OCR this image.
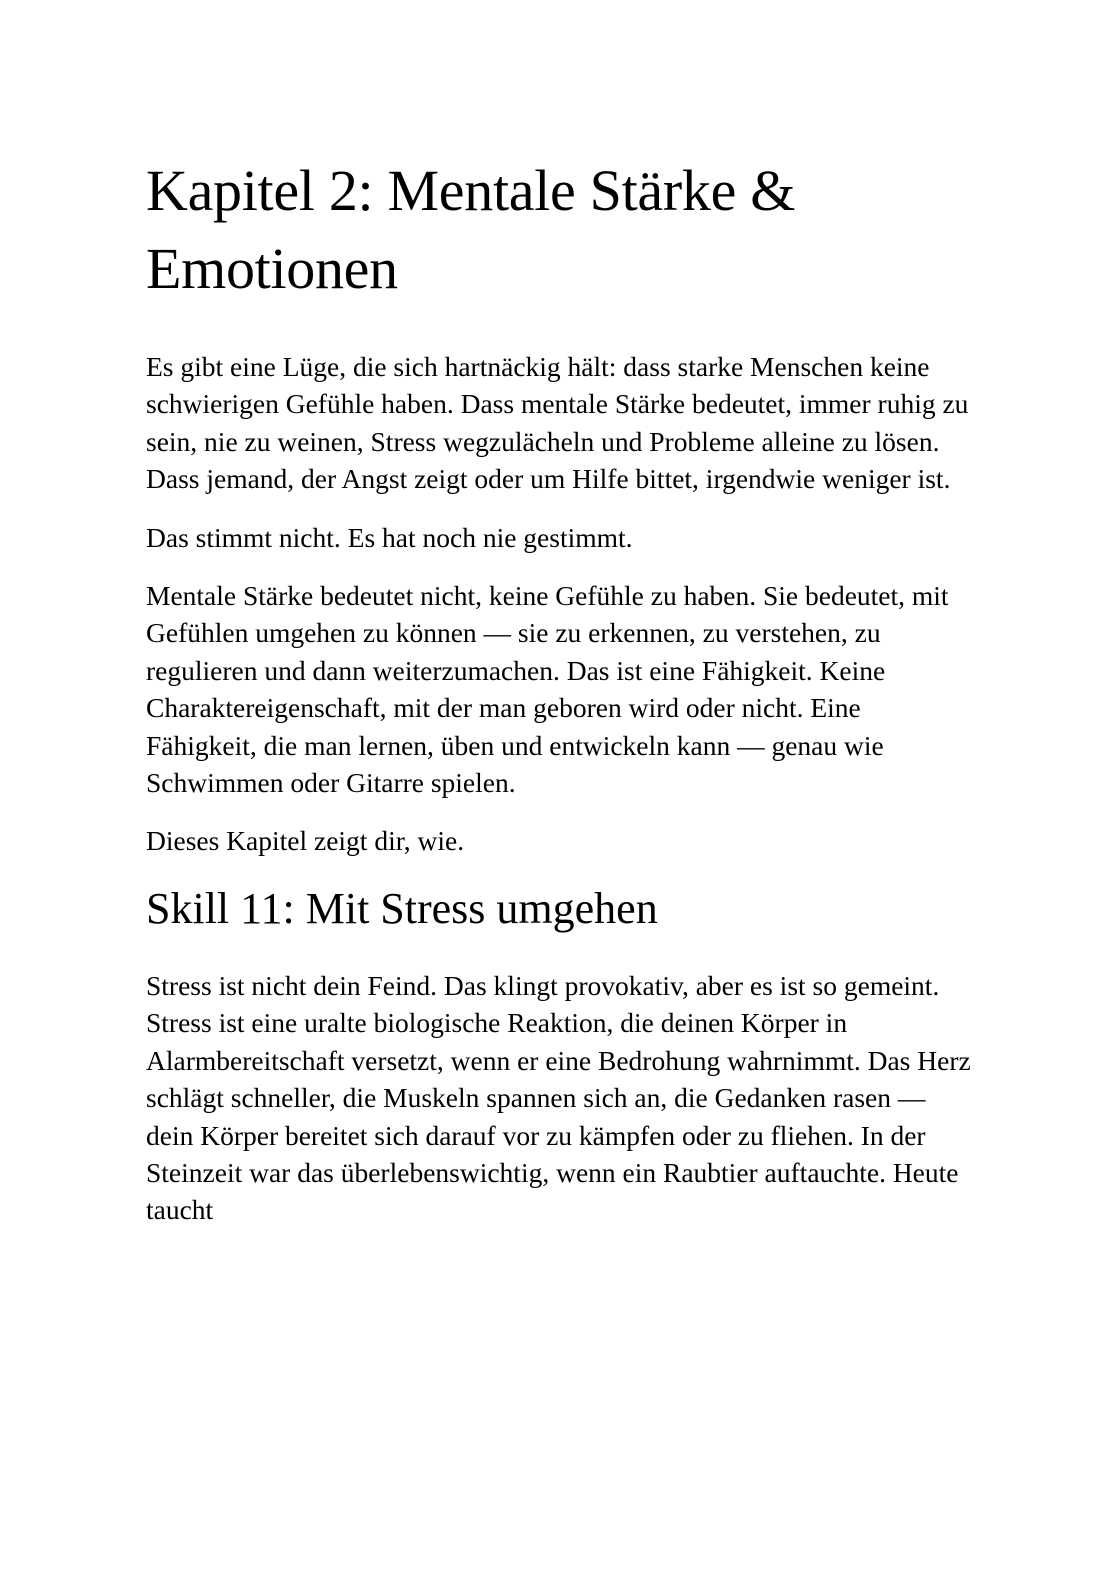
Kapitel 2: Mentale Stärke & Emotionen

Es gibt eine Lüge, die sich hartnäckig hält: dass starke Menschen keine schwierigen Gefühle haben. Dass mentale Stärke bedeutet, immer ruhig zu sein, nie zu weinen, Stress wegzulächeln und Probleme alleine zu lösen. Dass jemand, der Angst zeigt oder um Hilfe bittet, irgendwie weniger ist.

Das stimmt nicht. Es hat noch nie gestimmt.

Mentale Stärke bedeutet nicht, keine Gefühle zu haben. Sie bedeutet, mit Gefühlen umgehen zu können — sie zu erkennen, zu verstehen, zu regulieren und dann weiterzumachen. Das ist eine Fähigkeit. Keine Charaktereigenschaft, mit der man geboren wird oder nicht. Eine Fähigkeit, die man lernen, üben und entwickeln kann — genau wie Schwimmen oder Gitarre spielen.

Dieses Kapitel zeigt dir, wie.

Skill 11: Mit Stress umgehen

Stress ist nicht dein Feind. Das klingt provokativ, aber es ist so gemeint. Stress ist eine uralte biologische Reaktion, die deinen Körper in Alarmbereitschaft versetzt, wenn er eine Bedrohung wahrnimmt. Das Herz schlägt schneller, die Muskeln spannen sich an, die Gedanken rasen — dein Körper bereitet sich darauf vor zu kämpfen oder zu fliehen. In der Steinzeit war das überlebenswichtig, wenn ein Raubtier auftauchte. Heute taucht
